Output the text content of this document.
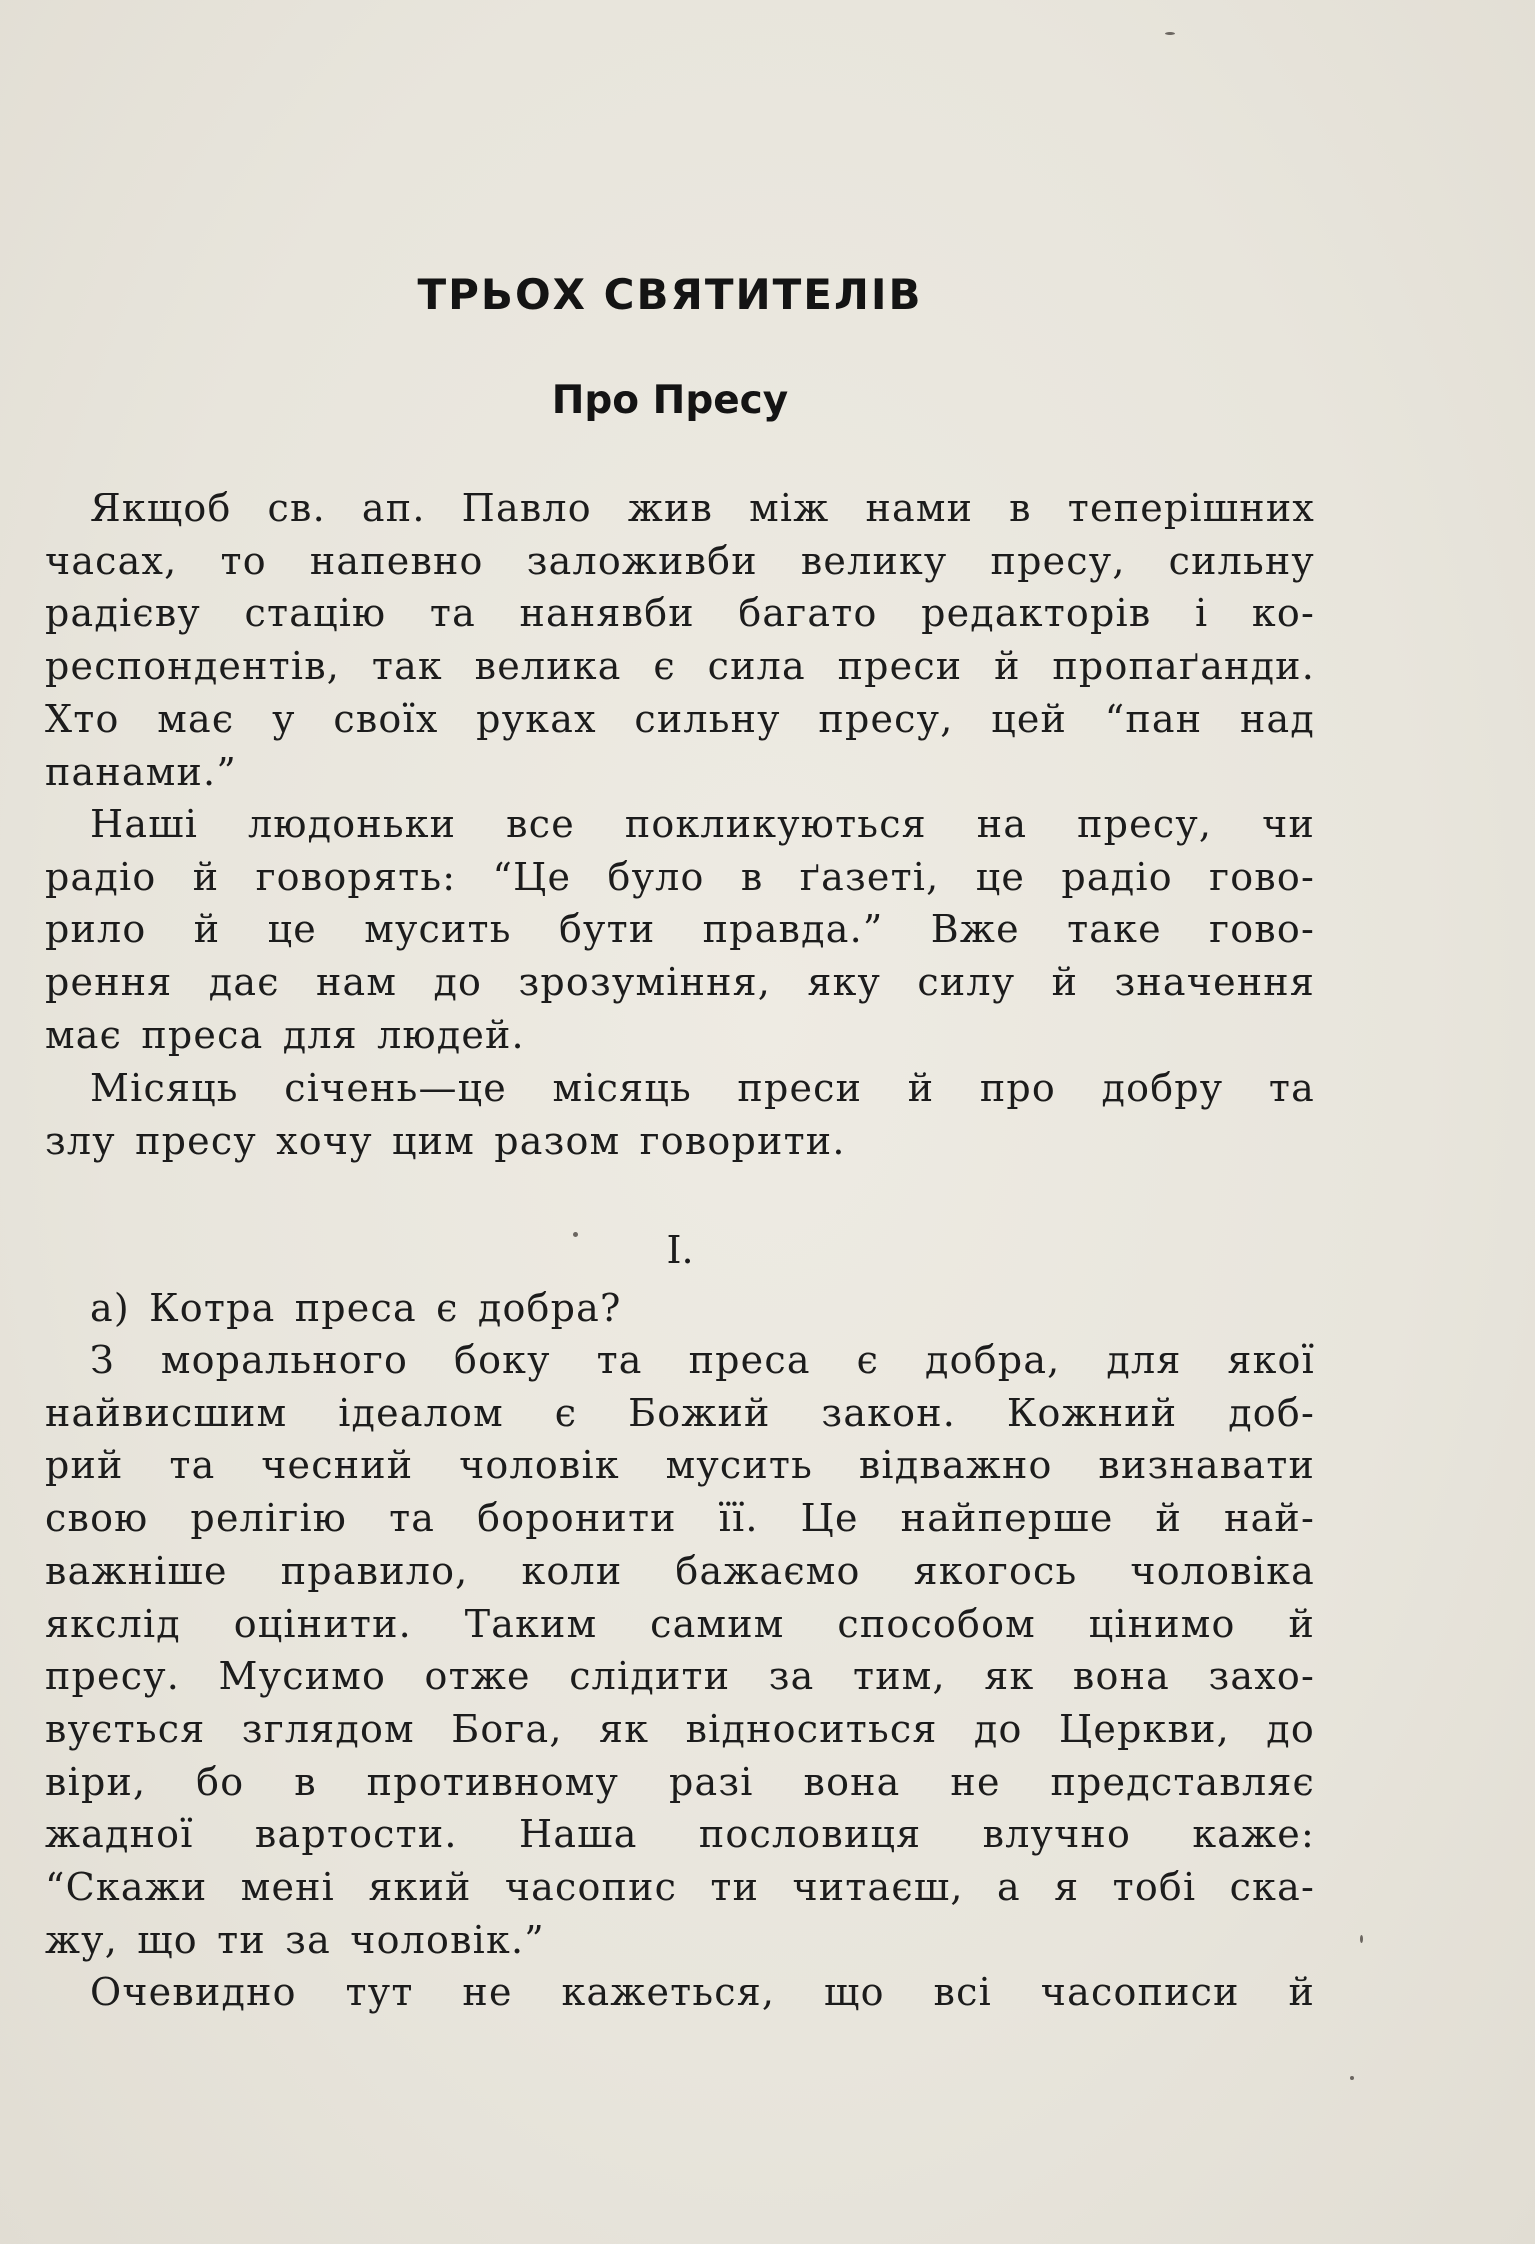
ТРЬОХ СВЯТИТЕЛІВ
Про Пресу
Якщоб св. ап. Павло жив між нами в теперішних
часах, то напевно заложивби велику пресу, сильну
радієву стацію та нанявби багато редакторів і ко-
респондентів, так велика є сила преси й пропаґанди.
Хто має у своїх руках сильну пресу, цей “пан над
панами.”
Наші людоньки все покликуються на пресу, чи
радіо й говорять: “Це було в ґазеті, це радіо гово-
рило й це мусить бути правда.” Вже таке гово-
рення дає нам до зрозуміння, яку силу й значення
має преса для людей.
Місяць січень—це місяць преси й про добру та
злу пресу хочу цим разом говорити.
I.
а) Котра преса є добра?
З морального боку та преса є добра, для якої
найвисшим ідеалом є Божий закон. Кожний доб-
рий та чесний чоловік мусить відважно визнавати
свою релігію та боронити її. Це найперше й най-
важніше правило, коли бажаємо якогось чоловіка
якслід оцінити. Таким самим способом цінимо й
пресу. Мусимо отже слідити за тим, як вона захо-
вується зглядом Бога, як відноситься до Церкви, до
віри, бо в противному разі вона не представляє
жадної вартости. Наша пословиця влучно каже:
“Скажи мені який часопис ти читаєш, а я тобі ска-
жу, що ти за чоловік.”
Очевидно тут не кажеться, що всі часописи й
